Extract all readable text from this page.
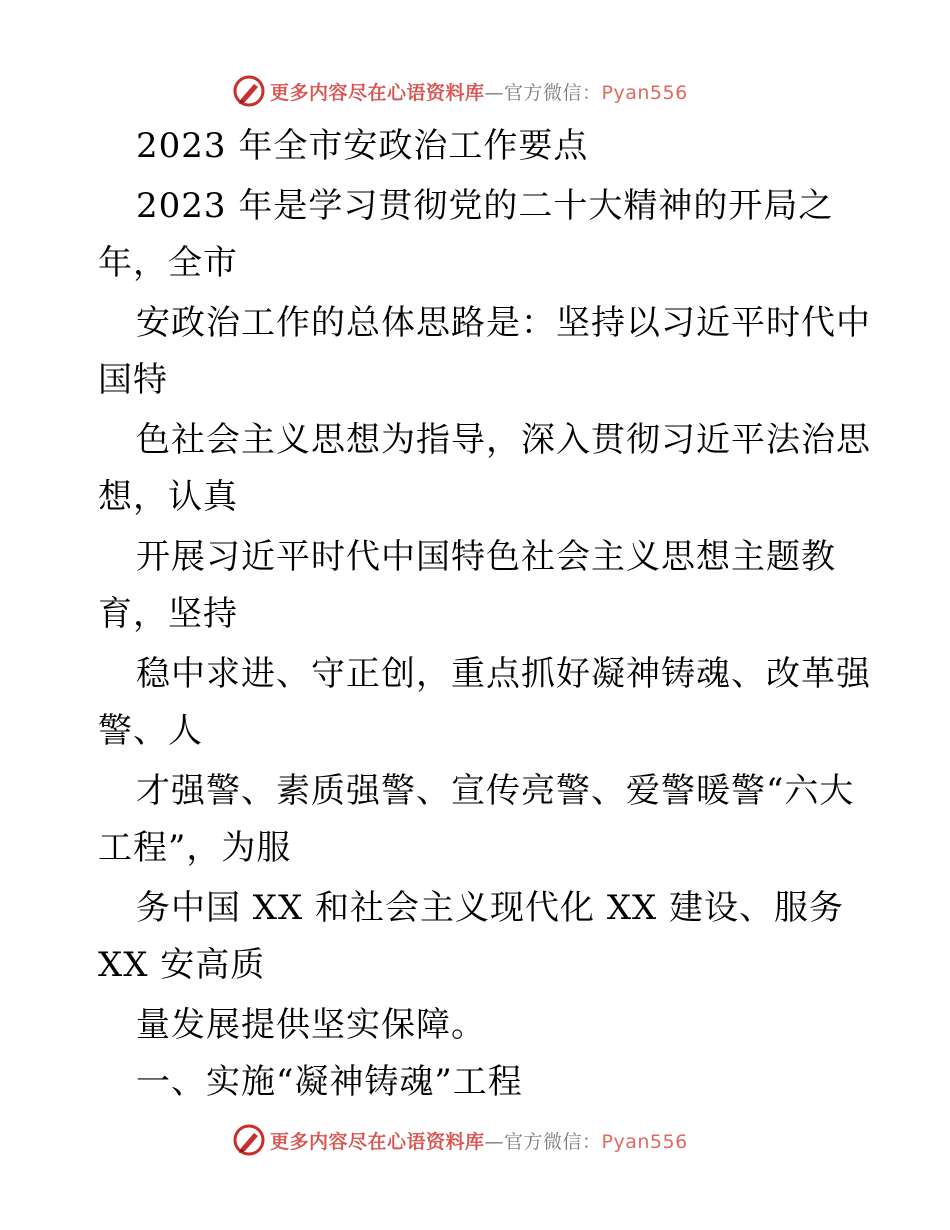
更多内容尽在心语资料库—官方微信：Pyan556
2023 年全市安政治工作要点
2023 年是学习贯彻党的二十大精神的开局之
年，全市
安政治工作的总体思路是：坚持以习近平时代中
国特
色社会主义思想为指导，深入贯彻习近平法治思
想，认真
开展习近平时代中国特色社会主义思想主题教
育，坚持
稳中求进、守正创，重点抓好凝神铸魂、改革强
警、人
才强警、素质强警、宣传亮警、爱警暖警“六大
工程”，为服
务中国 XX 和社会主义现代化 XX 建设、服务
XX 安高质
量发展提供坚实保障。
一、实施“凝神铸魂”工程
更多内容尽在心语资料库—官方微信：Pyan556
